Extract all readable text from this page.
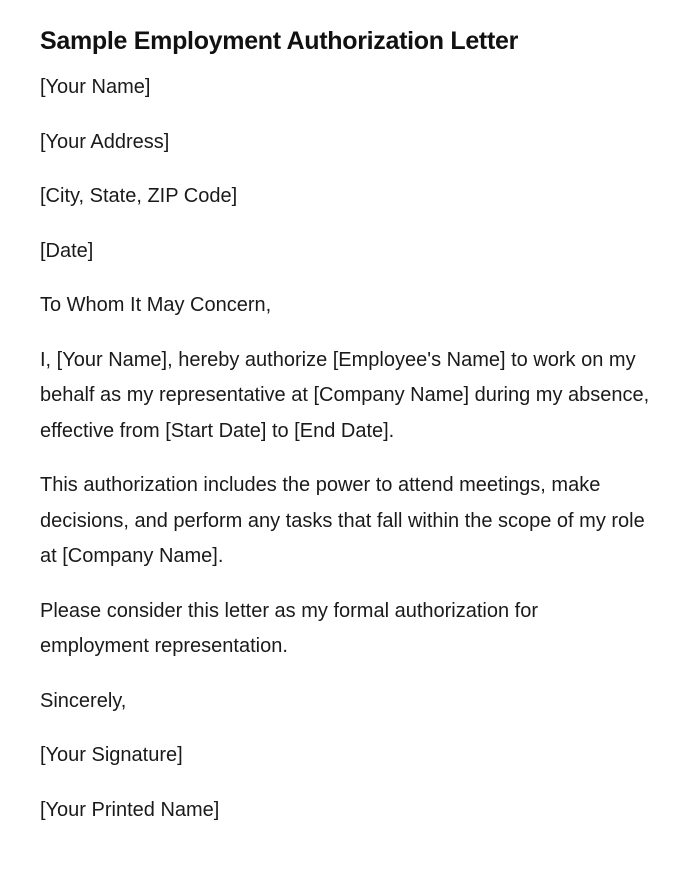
Sample Employment Authorization Letter

[Your Name]

[Your Address]

[City, State, ZIP Code]

[Date]

To Whom It May Concern,

I, [Your Name], hereby authorize [Employee's Name] to work on my behalf as my representative at [Company Name] during my absence, effective from [Start Date] to [End Date].

This authorization includes the power to attend meetings, make decisions, and perform any tasks that fall within the scope of my role at [Company Name].

Please consider this letter as my formal authorization for employment representation.

Sincerely,

[Your Signature]

[Your Printed Name]
